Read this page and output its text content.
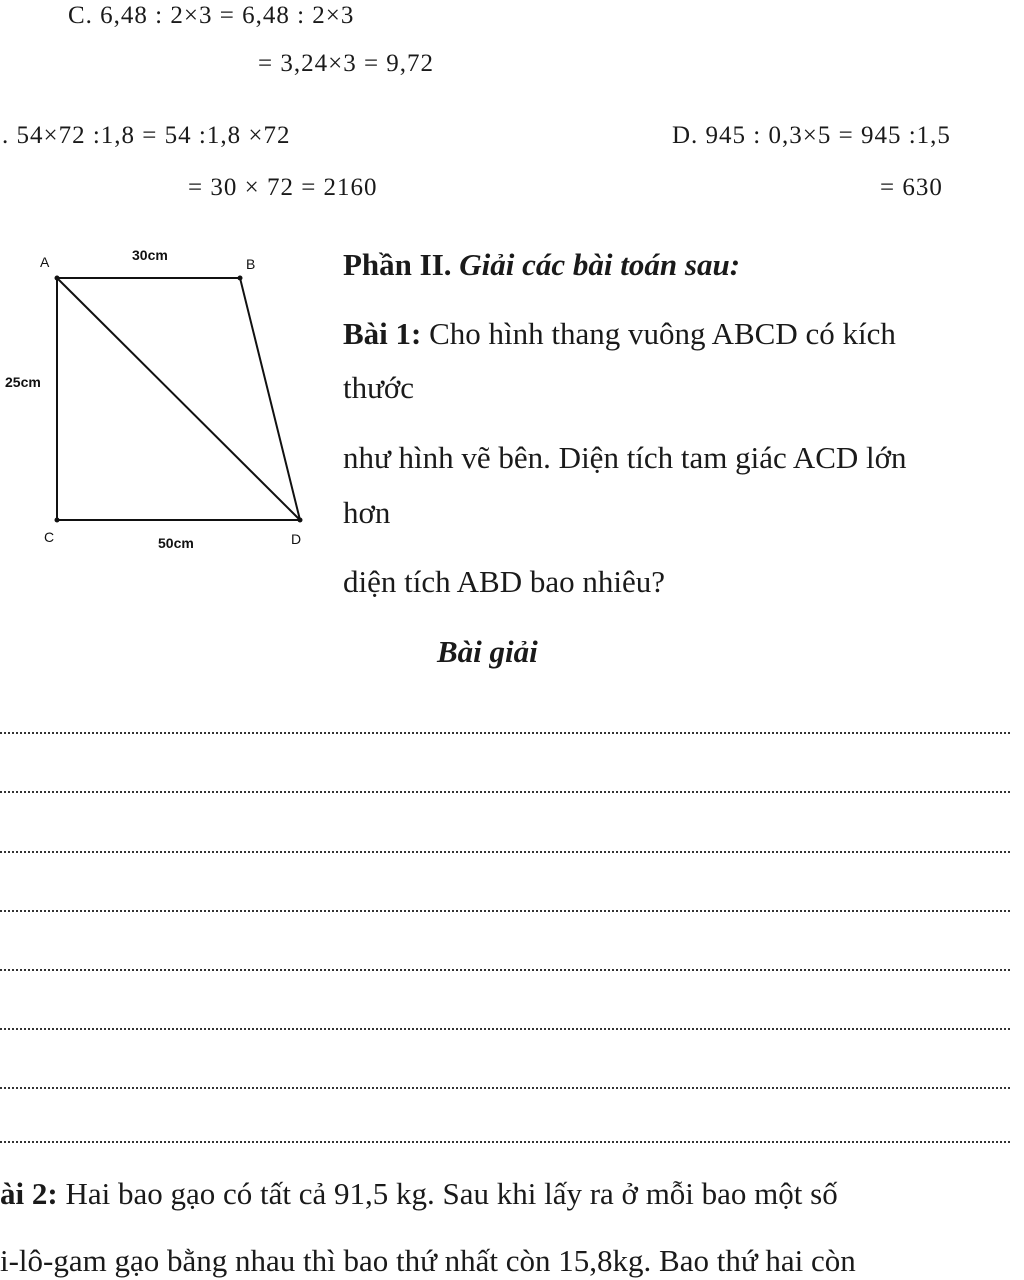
C. 6,48 : 2×3 = 6,48 : 2×3
= 3,24×3 = 9,72
. 54×72 :1,8 = 54 :1,8 ×72
= 30 × 72 = 2160
D. 945 : 0,3×5 = 945 :1,5
= 630
A	B
C	D
30cm
25cm
50cm
Phần II. Giải các bài toán sau:
Bài 1: Cho hình thang vuông ABCD có kích
thước
như hình vẽ bên. Diện tích tam giác ACD lớn
hơn
diện tích ABD bao nhiêu?
Bài giải
ài 2: Hai bao gạo có tất cả 91,5 kg. Sau khi lấy ra ở mỗi bao một số
i-lô-gam gạo bằng nhau thì bao thứ nhất còn 15,8kg. Bao thứ hai còn
